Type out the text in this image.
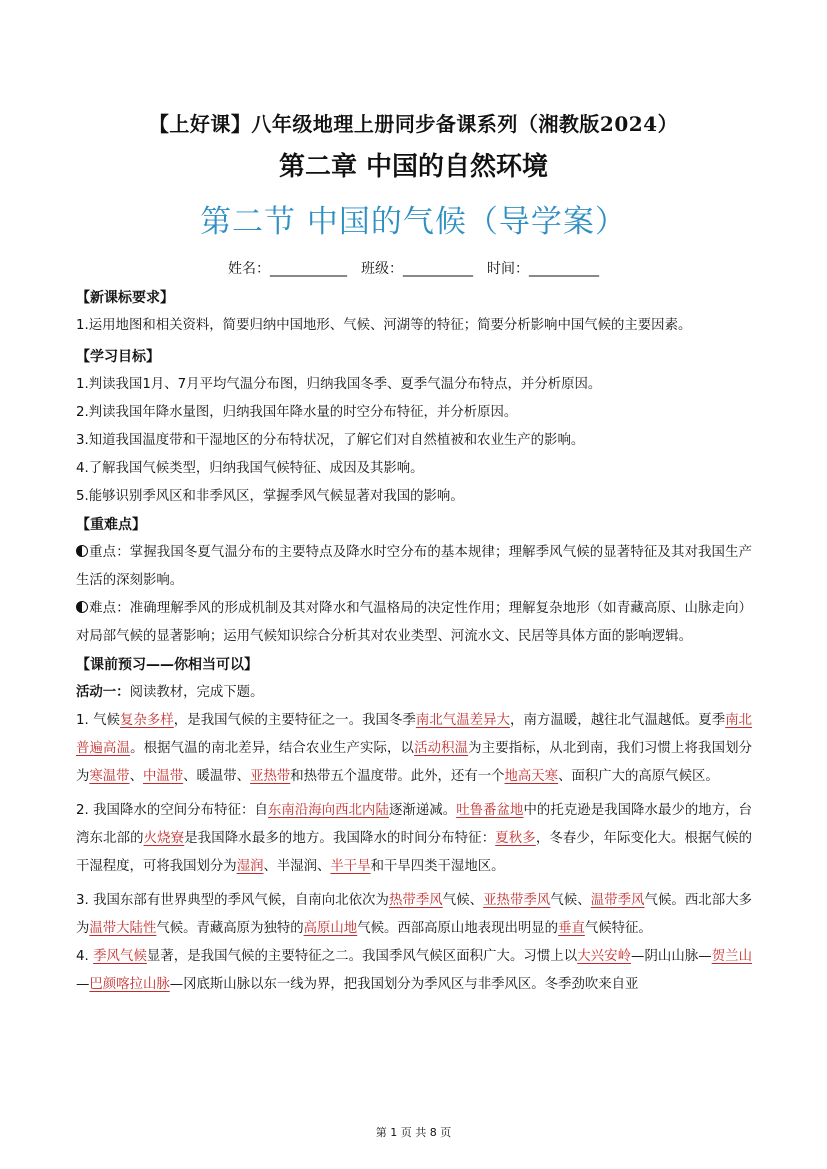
【上好课】八年级地理上册同步备课系列（湘教版2024）
第二章 中国的自然环境
第二节 中国的气候（导学案）
姓名：___________ 班级：__________ 时间：__________

【新课标要求】

1.运用地图和相关资料，简要归纳中国地形、气候、河湖等的特征；简要分析影响中国气候的主要因素。

【学习目标】

1.判读我国1月、7月平均气温分布图，归纳我国冬季、夏季气温分布特点，并分析原因。

2.判读我国年降水量图，归纳我国年降水量的时空分布特征，并分析原因。

3.知道我国温度带和干湿地区的分布特状况，了解它们对自然植被和农业生产的影响。

4.了解我国气候类型，归纳我国气候特征、成因及其影响。

5.能够识别季风区和非季风区，掌握季风气候显著对我国的影响。

【重难点】

重点：掌握我国冬夏气温分布的主要特点及降水时空分布的基本规律；理解季风气候的显著特征及其对我国生产生活的深刻影响。

难点：准确理解季风的形成机制及其对降水和气温格局的决定性作用；理解复杂地形（如青藏高原、山脉走向）对局部气候的显著影响；运用气候知识综合分析其对农业类型、河流水文、民居等具体方面的影响逻辑。

【课前预习——你相当可以】

活动一：阅读教材，完成下题。

1. 气候复杂多样，是我国气候的主要特征之一。我国冬季南北气温差异大，南方温暖，越往北气温越低。夏季南北普遍高温。根据气温的南北差异，结合农业生产实际，以活动积温为主要指标，从北到南，我们习惯上将我国划分为寒温带、中温带、暖温带、亚热带和热带五个温度带。此外，还有一个地高天寒、面积广大的高原气候区。

2. 我国降水的空间分布特征：自东南沿海向西北内陆逐渐递减。吐鲁番盆地中的托克逊是我国降水最少的地方，台湾东北部的火烧寮是我国降水最多的地方。我国降水的时间分布特征：夏秋多，冬春少，年际变化大。根据气候的干湿程度，可将我国划分为湿润、半湿润、半干旱和干旱四类干湿地区。

3. 我国东部有世界典型的季风气候，自南向北依次为热带季风气候、亚热带季风气候、温带季风气候。西北部大多为温带大陆性气候。青藏高原为独特的高原山地气候。西部高原山地表现出明显的垂直气候特征。

4. 季风气候显著，是我国气候的主要特征之二。我国季风气候区面积广大。习惯上以大兴安岭—阴山山脉—贺兰山—巴颜喀拉山脉—冈底斯山脉以东一线为界，把我国划分为季风区与非季风区。冬季劲吹来自亚

第 1 页 共 8 页
